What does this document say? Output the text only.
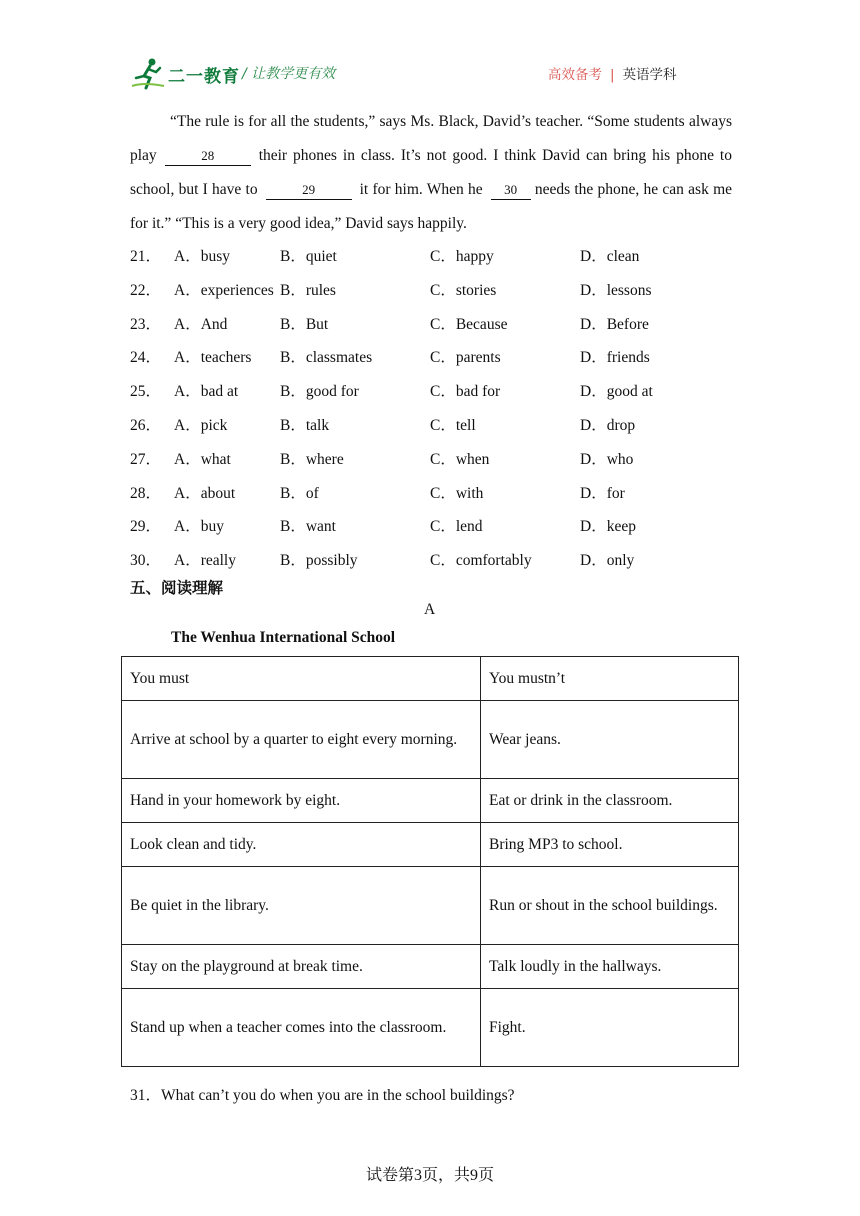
二一教育 / 让教学更有效	高效备考 | 英语学科
“The rule is for all the students,” says Ms. Black, David’s teacher. “Some students always play	28	their phones in class. It’s not good. I think David can bring his phone to school, but I have to	29	it for him. When he 30 needs the phone, he can ask me for it.” “This is a very good idea,” David says happily.
21． A．busy	B．quiet	C．happy	D．clean
22． A．experiences B．rules	C．stories	D．lessons
23． A．And	B．But	C．Because	D．Before
24． A．teachers B．classmates	C．parents	D．friends
25． A．bad at	B．good for	C．bad for	D．good at
26． A．pick	B．talk	C．tell	D．drop
27． A．what	B．where	C．when	D．who
28． A．about	B．of	C．with	D．for
29． A．buy	B．want	C．lend	D．keep
30． A．really	B．possibly	C．comfortably	D．only
五、阅读理解
A
The Wenhua International School
You must	You mustn’t
Arrive at school by a quarter to eight every morning.	Wear jeans.
Hand in your homework by eight.	Eat or drink in the classroom.
Look clean and tidy.	Bring MP3 to school.
Be quiet in the library.	Run or shout in the school buildings.
Stay on the playground at break time.	Talk loudly in the hallways.
Stand up when a teacher comes into the classroom.	Fight.
31．What can’t you do when you are in the school buildings?
试卷第3页，共9页
